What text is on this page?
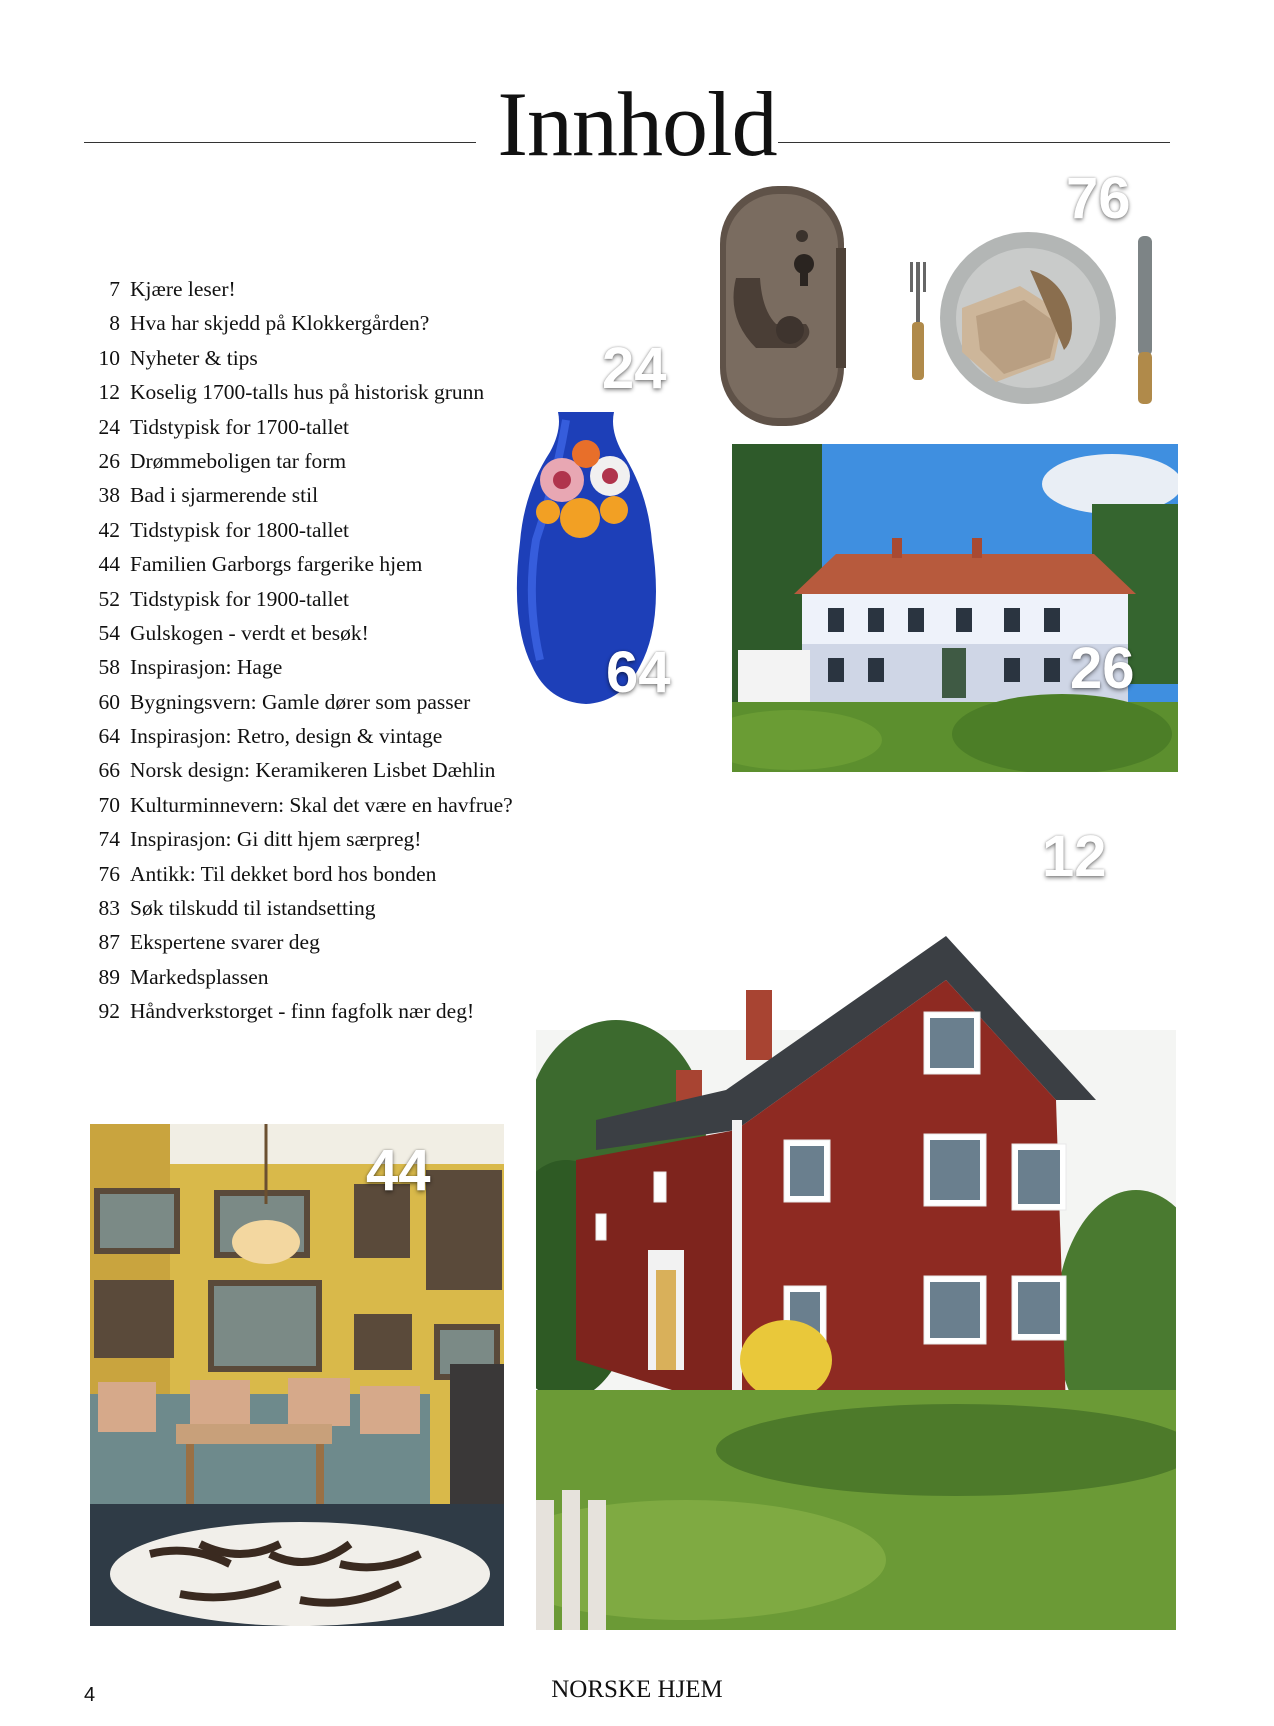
Innhold
7 Kjære leser!
8 Hva har skjedd på Klokkergården?
10 Nyheter & tips
12 Koselig 1700-talls hus på historisk grunn
24 Tidstypisk for 1700-tallet
26 Drømmeboligen tar form
38 Bad i sjarmerende stil
42 Tidstypisk for 1800-tallet
44 Familien Garborgs fargerike hjem
52 Tidstypisk for 1900-tallet
54 Gulskogen - verdt et besøk!
58 Inspirasjon: Hage
60 Bygningsvern: Gamle dører som passer
64 Inspirasjon: Retro, design & vintage
66 Norsk design: Keramikeren Lisbet Dæhlin
70 Kulturminnevern: Skal det være en havfrue?
74 Inspirasjon: Gi ditt hjem særpreg!
76 Antikk: Til dekket bord hos bonden
83 Søk tilskudd til istandsetting
87 Ekspertene svarer deg
89 Markedsplassen
92 Håndverkstorget - finn fagfolk nær deg!
24
76
64	26
12
44
4	NORSKE HJEM
